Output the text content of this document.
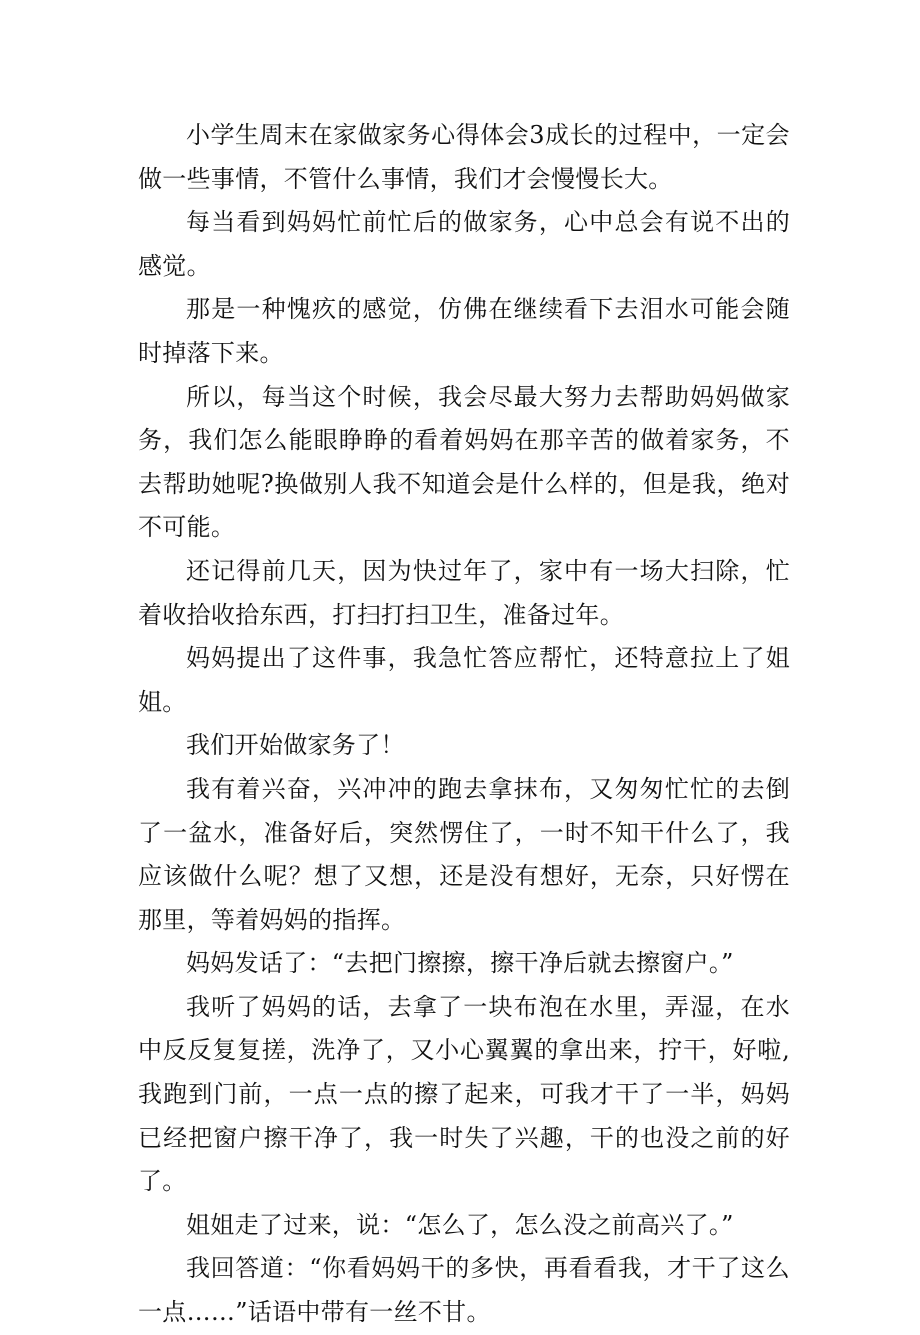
小学生周末在家做家务心得体会3成长的过程中，一定会做一些事情，不管什么事情，我们才会慢慢长大。

每当看到妈妈忙前忙后的做家务，心中总会有说不出的感觉。

那是一种愧疚的感觉，仿佛在继续看下去泪水可能会随时掉落下来。

所以，每当这个时候，我会尽最大努力去帮助妈妈做家务，我们怎么能眼睁睁的看着妈妈在那辛苦的做着家务，不去帮助她呢?换做别人我不知道会是什么样的，但是我，绝对不可能。

还记得前几天，因为快过年了，家中有一场大扫除，忙着收拾收拾东西，打扫打扫卫生，准备过年。

妈妈提出了这件事，我急忙答应帮忙，还特意拉上了姐姐。

我们开始做家务了！

我有着兴奋，兴冲冲的跑去拿抹布，又匆匆忙忙的去倒了一盆水，准备好后，突然愣住了，一时不知干什么了，我应该做什么呢？想了又想，还是没有想好，无奈，只好愣在那里，等着妈妈的指挥。

妈妈发话了：“去把门擦擦，擦干净后就去擦窗户。”

我听了妈妈的话，去拿了一块布泡在水里，弄湿，在水中反反复复搓，洗净了，又小心翼翼的拿出来，拧干，好啦,我跑到门前，一点一点的擦了起来，可我才干了一半，妈妈已经把窗户擦干净了，我一时失了兴趣，干的也没之前的好了。

姐姐走了过来，说：“怎么了，怎么没之前高兴了。”

我回答道：“你看妈妈干的多快，再看看我，才干了这么一点……”话语中带有一丝不甘。
